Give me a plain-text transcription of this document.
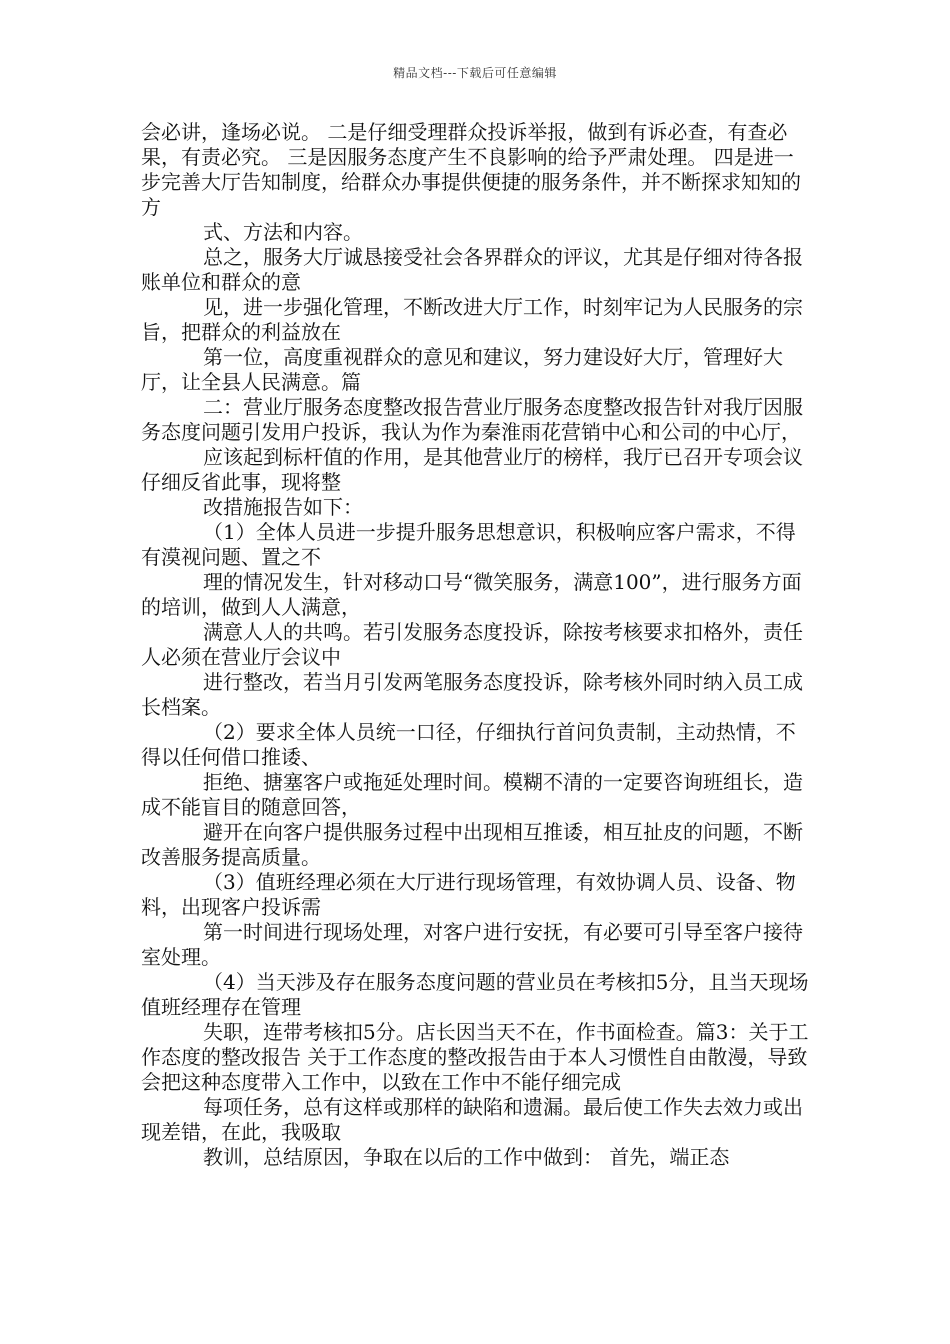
精品文档---下载后可任意编辑

会必讲，逢场必说。 二是仔细受理群众投诉举报，做到有诉必查，有查必果，有责必究。 三是因服务态度产生不良影响的给予严肃处理。 四是进一步完善大厅告知制度，给群众办事提供便捷的服务条件，并不断探求知知的方

式、方法和内容。

总之，服务大厅诚恳接受社会各界群众的评议，尤其是仔细对待各报账单位和群众的意

见，进一步强化管理，不断改进大厅工作，时刻牢记为人民服务的宗旨，把群众的利益放在

第一位，高度重视群众的意见和建议，努力建设好大厅，管理好大厅，让全县人民满意。篇

二：营业厅服务态度整改报告营业厅服务态度整改报告针对我厅因服务态度问题引发用户投诉，我认为作为秦淮雨花营销中心和公司的中心厅，

应该起到标杆值的作用，是其他营业厅的榜样，我厅已召开专项会议仔细反省此事，现将整

改措施报告如下：

（1）全体人员进一步提升服务思想意识，积极响应客户需求，不得有漠视问题、置之不

理的情况发生，针对移动口号“微笑服务，满意100”，进行服务方面的培训，做到人人满意，

满意人人的共鸣。若引发服务态度投诉，除按考核要求扣格外，责任人必须在营业厅会议中

进行整改，若当月引发两笔服务态度投诉，除考核外同时纳入员工成长档案。

（2）要求全体人员统一口径，仔细执行首问负责制，主动热情，不得以任何借口推诿、

拒绝、搪塞客户或拖延处理时间。模糊不清的一定要咨询班组长，造成不能盲目的随意回答，

避开在向客户提供服务过程中出现相互推诿，相互扯皮的问题，不断改善服务提高质量。

（3）值班经理必须在大厅进行现场管理，有效协调人员、设备、物料，出现客户投诉需

第一时间进行现场处理，对客户进行安抚，有必要可引导至客户接待室处理。

（4）当天涉及存在服务态度问题的营业员在考核扣5分，且当天现场值班经理存在管理

失职，连带考核扣5分。店长因当天不在，作书面检查。篇3：关于工作态度的整改报告 关于工作态度的整改报告由于本人习惯性自由散漫，导致会把这种态度带入工作中，以致在工作中不能仔细完成

每项任务，总有这样或那样的缺陷和遗漏。最后使工作失去效力或出现差错，在此，我吸取

教训，总结原因，争取在以后的工作中做到： 首先，端正态
